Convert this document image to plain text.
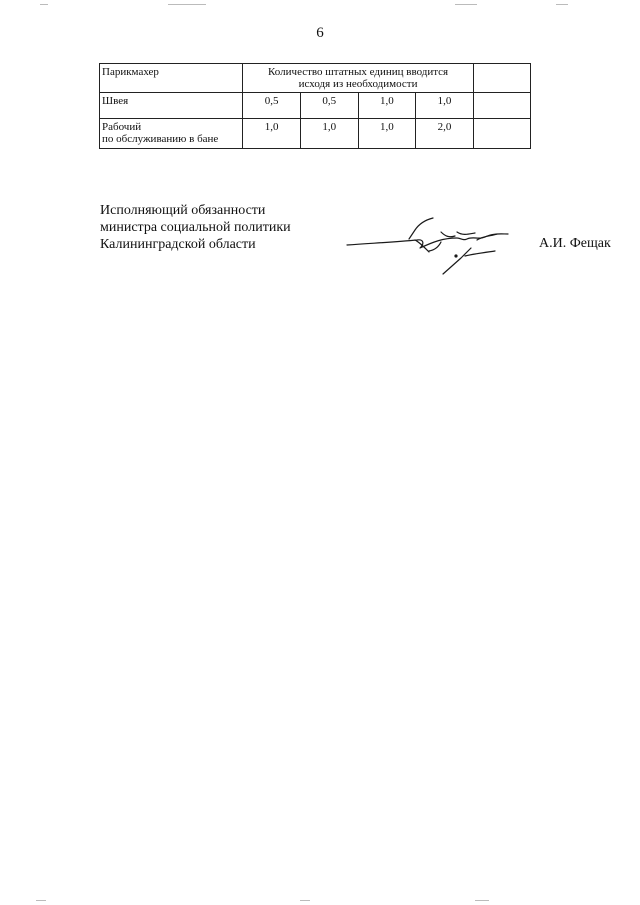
6
Парикмахер	Количество штатных единиц вводится
исходя из необходимости				

Швея	0,5	0,5	1,0	1,0	

Рабочий
по обслуживанию в бане	1,0	1,0	1,0	2,0	
Исполняющий обязанности
министра социальной политики
Калининградской области	А.И. Фещак
